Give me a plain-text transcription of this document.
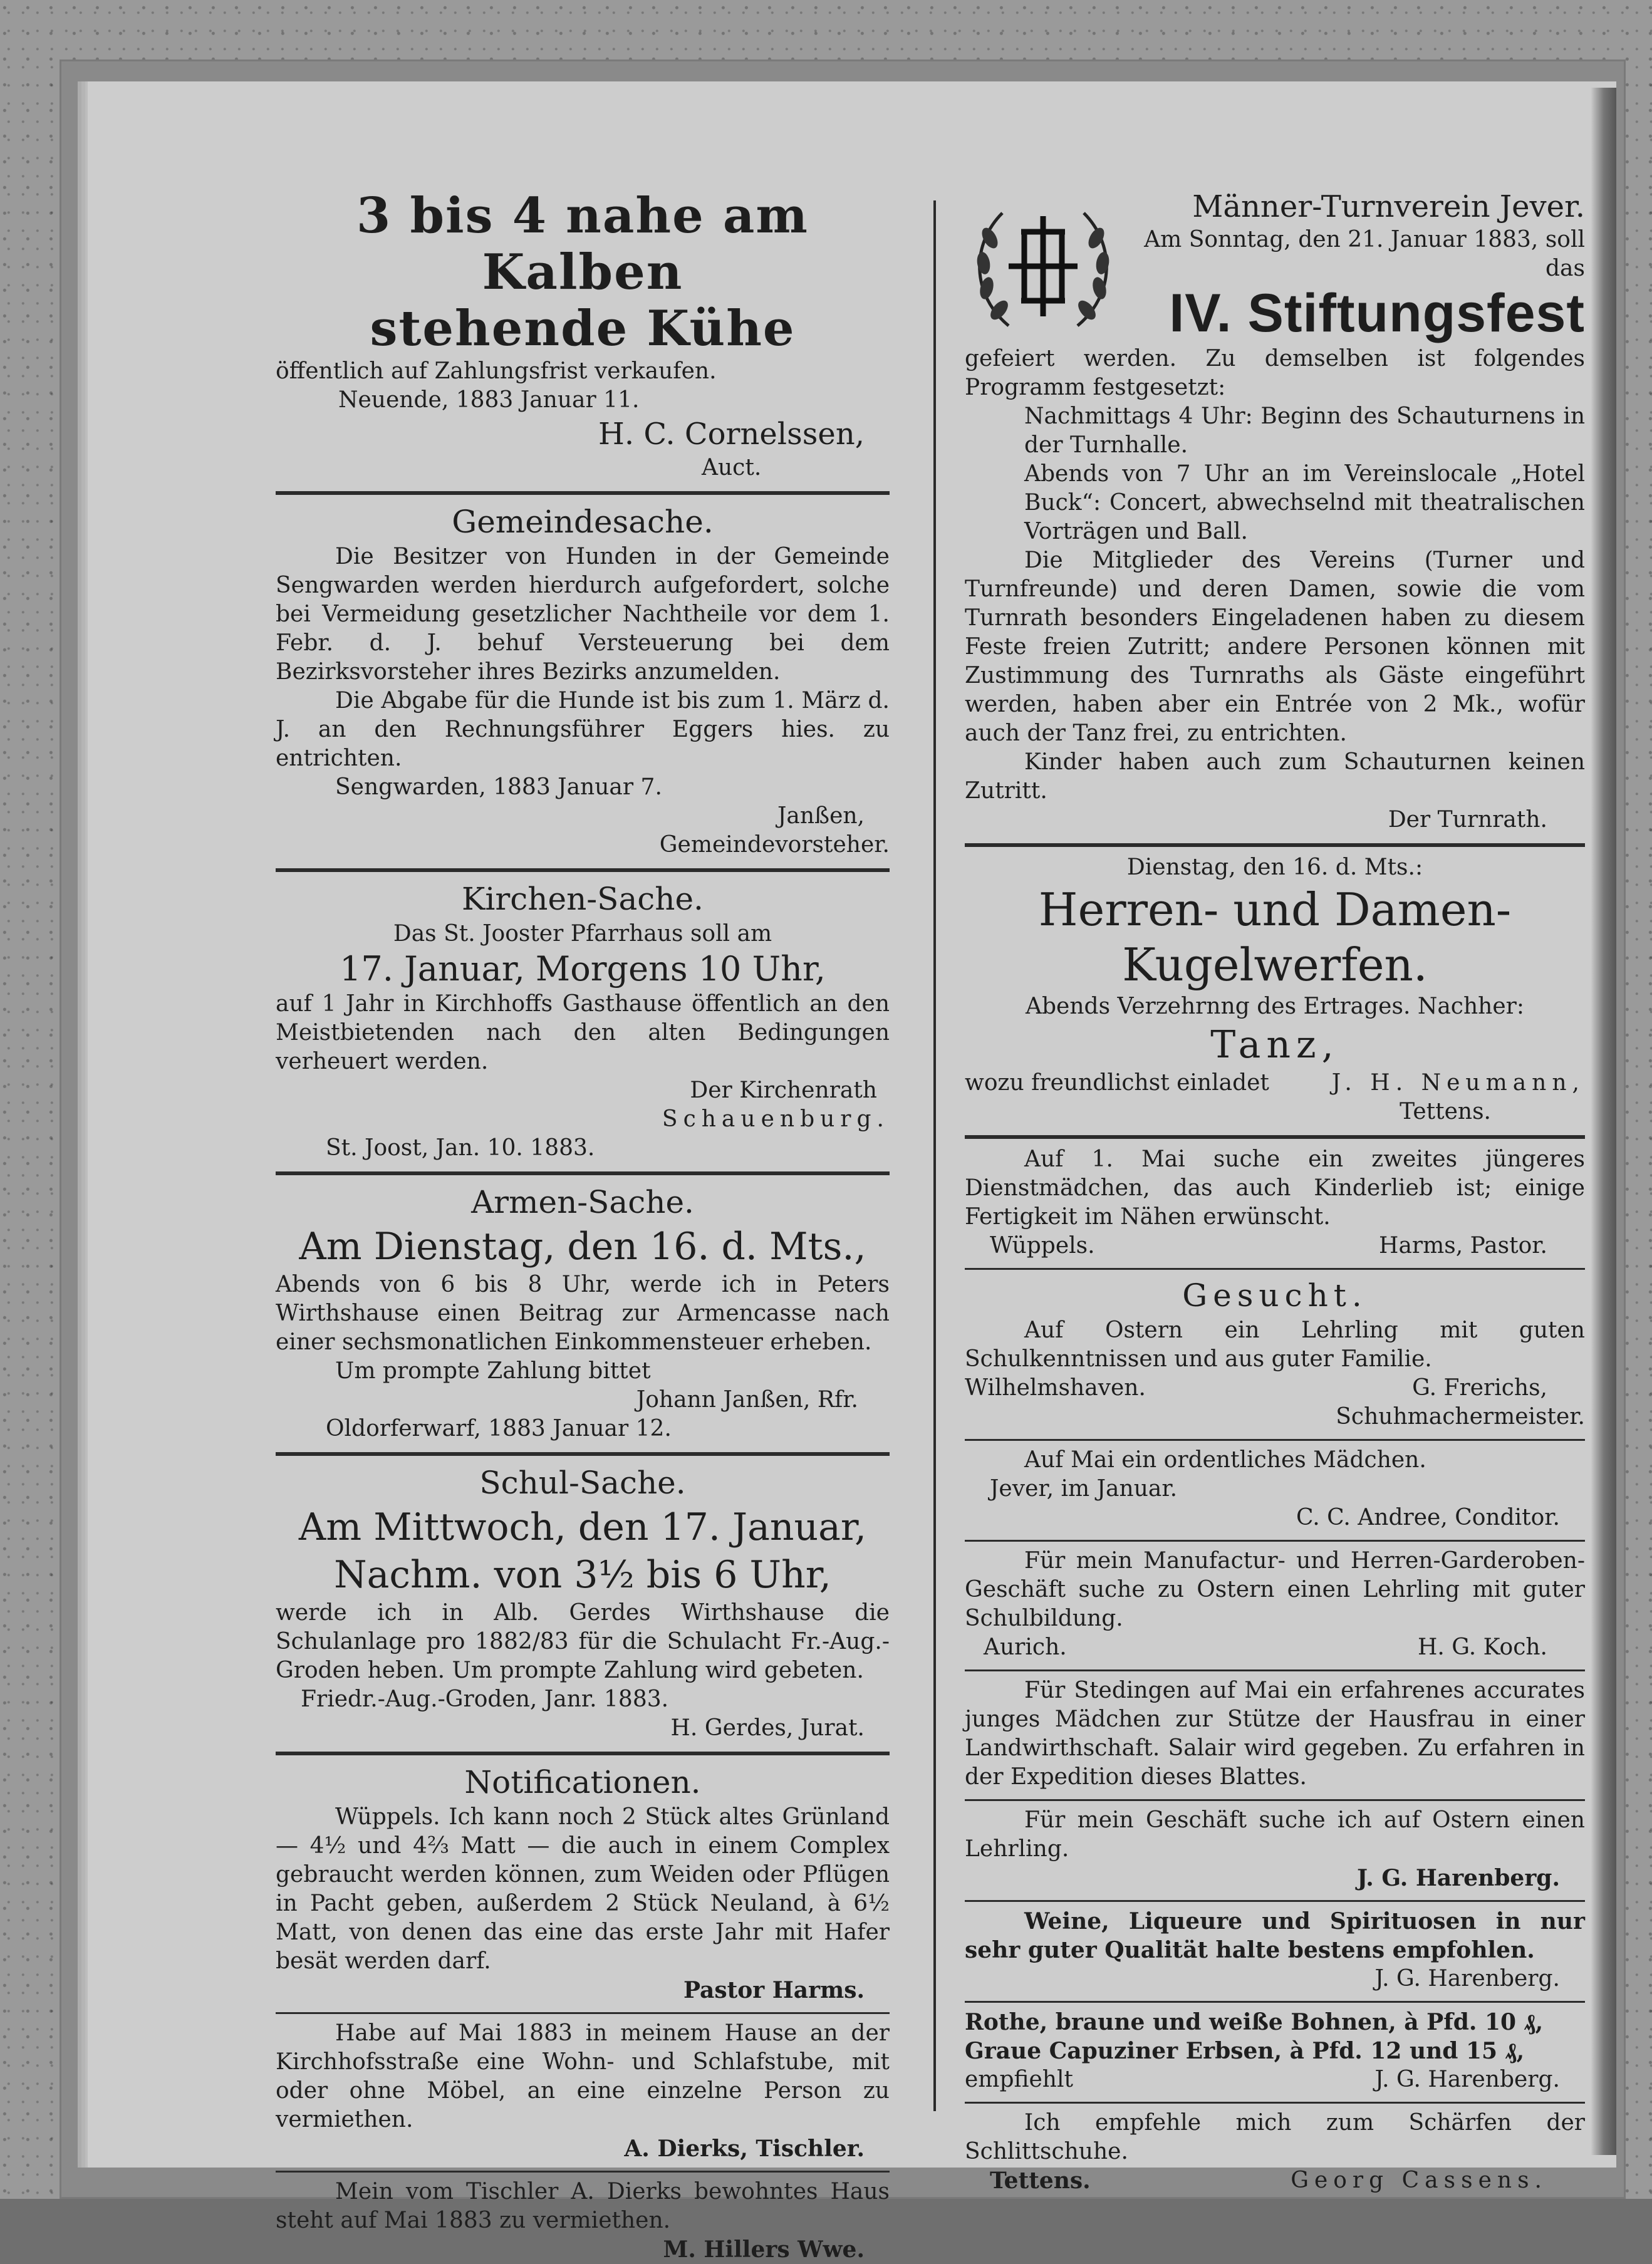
3 bis 4 nahe am Kalben

stehende Kühe

öffentlich auf Zahlungsfrist verkaufen.

Neuende, 1883 Januar 11.

H. C. Cornelssen,

Auct.

Gemeindesache.

Die Besitzer von Hunden in der Gemeinde Sengwarden werden hierdurch aufgefordert, solche bei Vermeidung gesetzlicher Nachtheile vor dem 1. Febr. d. J. behuf Versteuerung bei dem Bezirksvorsteher ihres Bezirks anzumelden.

Die Abgabe für die Hunde ist bis zum 1. März d. J. an den Rechnungsführer Eggers hies. zu entrichten.

Sengwarden, 1883 Januar 7.

Janßen,

Gemeindevorsteher.

Kirchen-Sache.

Das St. Jooster Pfarrhaus soll am

17. Januar, Morgens 10 Uhr,

auf 1 Jahr in Kirchhoffs Gasthause öffentlich an den Meistbietenden nach den alten Bedingungen verheuert werden.

Der Kirchenrath

Schauenburg.

St. Joost, Jan. 10. 1883.

Armen-Sache.

Am Dienstag, den 16. d. Mts.,

Abends von 6 bis 8 Uhr, werde ich in Peters Wirthshause einen Beitrag zur Armencasse nach einer sechsmonatlichen Einkommensteuer erheben.

Um prompte Zahlung bittet

Johann Janßen, Rfr.

Oldorferwarf, 1883 Januar 12.

Schul-Sache.

Am Mittwoch, den 17. Januar,

Nachm. von 3½ bis 6 Uhr,

werde ich in Alb. Gerdes Wirthshause die Schulanlage pro 1882/83 für die Schulacht Fr.-Aug.-Groden heben. Um prompte Zahlung wird gebeten.

Friedr.-Aug.-Groden, Janr. 1883.

H. Gerdes, Jurat.

Notificationen.

Wüppels. Ich kann noch 2 Stück altes Grünland — 4½ und 4⅔ Matt — die auch in einem Complex gebraucht werden können, zum Weiden oder Pflügen in Pacht geben, außerdem 2 Stück Neuland, à 6½ Matt, von denen das eine das erste Jahr mit Hafer besät werden darf.

Pastor Harms.

Habe auf Mai 1883 in meinem Hause an der Kirchhofsstraße eine Wohn- und Schlafstube, mit oder ohne Möbel, an eine einzelne Person zu vermiethen.

A. Dierks, Tischler.

Mein vom Tischler A. Dierks bewohntes Haus steht auf Mai 1883 zu vermiethen.

M. Hillers Wwe.

Männer-Turnverein Jever.

Am Sonntag, den 21. Januar 1883, soll das

IV. Stiftungsfest

gefeiert werden. Zu demselben ist folgendes Programm festgesetzt:

Nachmittags 4 Uhr: Beginn des Schauturnens in der Turnhalle.

Abends von 7 Uhr an im Vereinslocale „Hotel Buck“: Concert, abwechselnd mit theatralischen Vorträgen und Ball.

Die Mitglieder des Vereins (Turner und Turnfreunde) und deren Damen, sowie die vom Turnrath besonders Eingeladenen haben zu diesem Feste freien Zutritt; andere Personen können mit Zustimmung des Turnraths als Gäste eingeführt werden, haben aber ein Entrée von 2 Mk., wofür auch der Tanz frei, zu entrichten.

Kinder haben auch zum Schauturnen keinen Zutritt.

Der Turnrath.

Dienstag, den 16. d. Mts.:

Herren- und Damen-

Kugelwerfen.

Abends Verzehrnng des Ertrages. Nachher:

Tanz,

wozu freundlichst einladet	J. H. Neumann,

Tettens.

Auf 1. Mai suche ein zweites jüngeres Dienstmädchen, das auch Kinderlieb ist; einige Fertigkeit im Nähen erwünscht.

Wüppels.	Harms, Pastor.

Gesucht.

Auf Ostern ein Lehrling mit guten Schulkenntnissen und aus guter Familie.

Wilhelmshaven.	G. Frerichs,

Schuhmachermeister.

Auf Mai ein ordentliches Mädchen.

Jever, im Januar.

C. C. Andree, Conditor.

Für mein Manufactur- und Herren-Garderoben-Geschäft suche zu Ostern einen Lehrling mit guter Schulbildung.

Aurich.	H. G. Koch.

Für Stedingen auf Mai ein erfahrenes accurates junges Mädchen zur Stütze der Hausfrau in einer Landwirthschaft. Salair wird gegeben. Zu erfahren in der Expedition dieses Blattes.

Für mein Geschäft suche ich auf Ostern einen Lehrling.

J. G. Harenberg.

Weine, Liqueure und Spirituosen in nur sehr guter Qualität halte bestens empfohlen.

J. G. Harenberg.

Rothe, braune und weiße Bohnen, à Pfd. 10 ₰,

Graue Capuziner Erbsen, à Pfd. 12 und 15 ₰,

empfiehlt	J. G. Harenberg.

Ich empfehle mich zum Schärfen der Schlittschuhe.

Tettens.	Georg Cassens.
